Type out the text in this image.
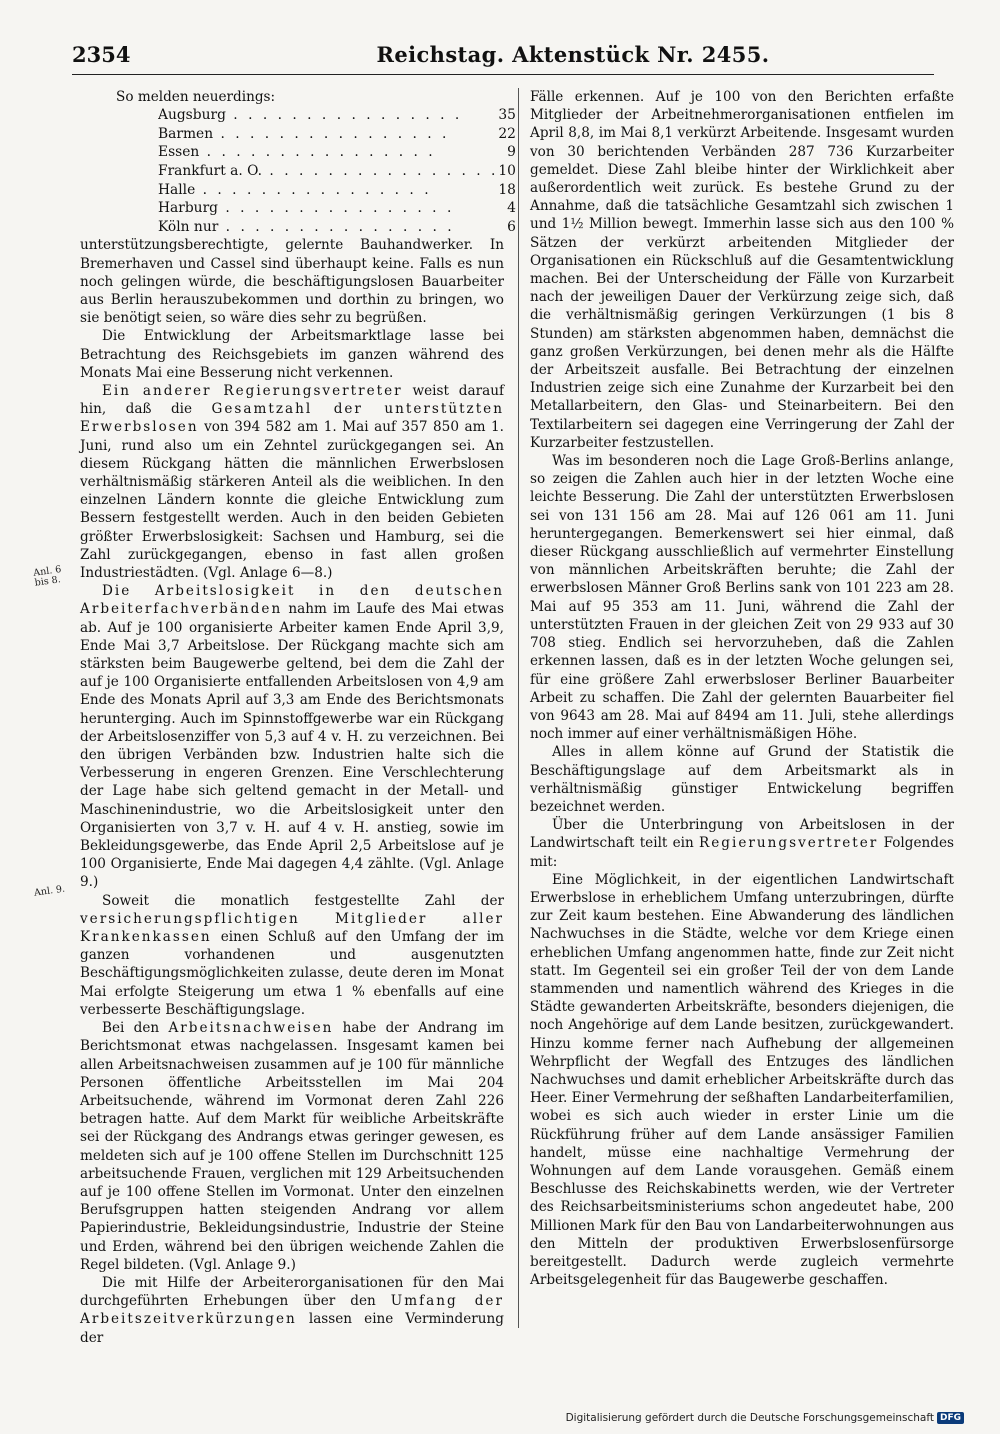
2354	Reichstag. Aktenstück Nr. 2455.
Anl. 6 bis 8.
Anl. 9.

So melden neuerdings:

Augsburg . . .	35
Barmen . . .	22
Essen . . .	9
Frankfurt a. O. . . .	10
Halle . . .	18
Harburg . . .	4
Köln nur . . .	6

unterstützungsberechtigte, gelernte Bauhandwerker. In Bremerhaven und Cassel sind überhaupt keine. Falls es nun noch gelingen würde, die beschäftigungslosen Bauarbeiter aus Berlin herauszubekommen und dorthin zu bringen, wo sie benötigt seien, so wäre dies sehr zu begrüßen.

Die Entwicklung der Arbeitsmarktlage lasse bei Betrachtung des Reichsgebiets im ganzen während des Monats Mai eine Besserung nicht verkennen.

Ein anderer Regierungsvertreter weist darauf hin, daß die Gesamtzahl der unterstützten Erwerbslosen von 394 582 am 1. Mai auf 357 850 am 1. Juni, rund also um ein Zehntel zurückgegangen sei. An diesem Rückgang hätten die männlichen Erwerbslosen verhältnismäßig stärkeren Anteil als die weiblichen. In den einzelnen Ländern konnte die gleiche Entwicklung zum Bessern festgestellt werden. Auch in den beiden Gebieten größter Erwerbslosigkeit: Sachsen und Hamburg, sei die Zahl zurückgegangen, ebenso in fast allen großen Industriestädten. (Vgl. Anlage 6—8.)

Die Arbeitslosigkeit in den deutschen Arbeiterfachverbänden nahm im Laufe des Mai etwas ab. Auf je 100 organisierte Arbeiter kamen Ende April 3,9, Ende Mai 3,7 Arbeitslose. Der Rückgang machte sich am stärksten beim Baugewerbe geltend, bei dem die Zahl der auf je 100 Organisierte entfallenden Arbeitslosen von 4,9 am Ende des Monats April auf 3,3 am Ende des Berichtsmonats herunterging. Auch im Spinnstoffgewerbe war ein Rückgang der Arbeitslosenziffer von 5,3 auf 4 v. H. zu verzeichnen. Bei den übrigen Verbänden bzw. Industrien halte sich die Verbesserung in engeren Grenzen. Eine Verschlechterung der Lage habe sich geltend gemacht in der Metall- und Maschinenindustrie, wo die Arbeitslosigkeit unter den Organisierten von 3,7 v. H. auf 4 v. H. anstieg, sowie im Bekleidungsgewerbe, das Ende April 2,5 Arbeitslose auf je 100 Organisierte, Ende Mai dagegen 4,4 zählte. (Vgl. Anlage 9.)

Soweit die monatlich festgestellte Zahl der versicherungspflichtigen Mitglieder aller Krankenkassen einen Schluß auf den Umfang der im ganzen vorhandenen und ausgenutzten Beschäftigungsmöglichkeiten zulasse, deute deren im Monat Mai erfolgte Steigerung um etwa 1 % ebenfalls auf eine verbesserte Beschäftigungslage.

Bei den Arbeitsnachweisen habe der Andrang im Berichtsmonat etwas nachgelassen. Insgesamt kamen bei allen Arbeitsnachweisen zusammen auf je 100 für männliche Personen öffentliche Arbeitsstellen im Mai 204 Arbeitsuchende, während im Vormonat deren Zahl 226 betragen hatte. Auf dem Markt für weibliche Arbeitskräfte sei der Rückgang des Andrangs etwas geringer gewesen, es meldeten sich auf je 100 offene Stellen im Durchschnitt 125 arbeitsuchende Frauen, verglichen mit 129 Arbeitsuchenden auf je 100 offene Stellen im Vormonat. Unter den einzelnen Berufsgruppen hatten steigenden Andrang vor allem Papierindustrie, Bekleidungsindustrie, Industrie der Steine und Erden, während bei den übrigen weichende Zahlen die Regel bildeten. (Vgl. Anlage 9.)

Die mit Hilfe der Arbeiterorganisationen für den Mai durchgeführten Erhebungen über den Umfang der Arbeitszeitverkürzungen lassen eine Verminderung der

Fälle erkennen. Auf je 100 von den Berichten erfaßte Mitglieder der Arbeitnehmerorganisationen entfielen im April 8,8, im Mai 8,1 verkürzt Arbeitende. Insgesamt wurden von 30 berichtenden Verbänden 287 736 Kurzarbeiter gemeldet. Diese Zahl bleibe hinter der Wirklichkeit aber außerordentlich weit zurück. Es bestehe Grund zu der Annahme, daß die tatsächliche Gesamtzahl sich zwischen 1 und 1½ Million bewegt. Immerhin lasse sich aus den 100 % Sätzen der verkürzt arbeitenden Mitglieder der Organisationen ein Rückschluß auf die Gesamtentwicklung machen. Bei der Unterscheidung der Fälle von Kurzarbeit nach der jeweiligen Dauer der Verkürzung zeige sich, daß die verhältnismäßig geringen Verkürzungen (1 bis 8 Stunden) am stärksten abgenommen haben, demnächst die ganz großen Verkürzungen, bei denen mehr als die Hälfte der Arbeitszeit ausfalle. Bei Betrachtung der einzelnen Industrien zeige sich eine Zunahme der Kurzarbeit bei den Metallarbeitern, den Glas- und Steinarbeitern. Bei den Textilarbeitern sei dagegen eine Verringerung der Zahl der Kurzarbeiter festzustellen.

Was im besonderen noch die Lage Groß-Berlins anlange, so zeigen die Zahlen auch hier in der letzten Woche eine leichte Besserung. Die Zahl der unterstützten Erwerbslosen sei von 131 156 am 28. Mai auf 126 061 am 11. Juni heruntergegangen. Bemerkenswert sei hier einmal, daß dieser Rückgang ausschließlich auf vermehrter Einstellung von männlichen Arbeitskräften beruhte; die Zahl der erwerbslosen Männer Groß Berlins sank von 101 223 am 28. Mai auf 95 353 am 11. Juni, während die Zahl der unterstützten Frauen in der gleichen Zeit von 29 933 auf 30 708 stieg. Endlich sei hervorzuheben, daß die Zahlen erkennen lassen, daß es in der letzten Woche gelungen sei, für eine größere Zahl erwerbsloser Berliner Bauarbeiter Arbeit zu schaffen. Die Zahl der gelernten Bauarbeiter fiel von 9643 am 28. Mai auf 8494 am 11. Juli, stehe allerdings noch immer auf einer verhältnismäßigen Höhe.

Alles in allem könne auf Grund der Statistik die Beschäftigungslage auf dem Arbeitsmarkt als in verhältnismäßig günstiger Entwickelung begriffen bezeichnet werden.

Über die Unterbringung von Arbeitslosen in der Landwirtschaft teilt ein Regierungsvertreter Folgendes mit:

Eine Möglichkeit, in der eigentlichen Landwirtschaft Erwerbslose in erheblichem Umfang unterzubringen, dürfte zur Zeit kaum bestehen. Eine Abwanderung des ländlichen Nachwuchses in die Städte, welche vor dem Kriege einen erheblichen Umfang angenommen hatte, finde zur Zeit nicht statt. Im Gegenteil sei ein großer Teil der von dem Lande stammenden und namentlich während des Krieges in die Städte gewanderten Arbeitskräfte, besonders diejenigen, die noch Angehörige auf dem Lande besitzen, zurückgewandert. Hinzu komme ferner nach Aufhebung der allgemeinen Wehrpflicht der Wegfall des Entzuges des ländlichen Nachwuchses und damit erheblicher Arbeitskräfte durch das Heer. Einer Vermehrung der seßhaften Landarbeiterfamilien, wobei es sich auch wieder in erster Linie um die Rückführung früher auf dem Lande ansässiger Familien handelt, müsse eine nachhaltige Vermehrung der Wohnungen auf dem Lande vorausgehen. Gemäß einem Beschlusse des Reichskabinetts werden, wie der Vertreter des Reichsarbeitsministeriums schon angedeutet habe, 200 Millionen Mark für den Bau von Landarbeiterwohnungen aus den Mitteln der produktiven Erwerbslosenfürsorge bereitgestellt. Dadurch werde zugleich vermehrte Arbeitsgelegenheit für das Baugewerbe geschaffen.

Digitalisierung gefördert durch die Deutsche Forschungsgemeinschaft DFG
